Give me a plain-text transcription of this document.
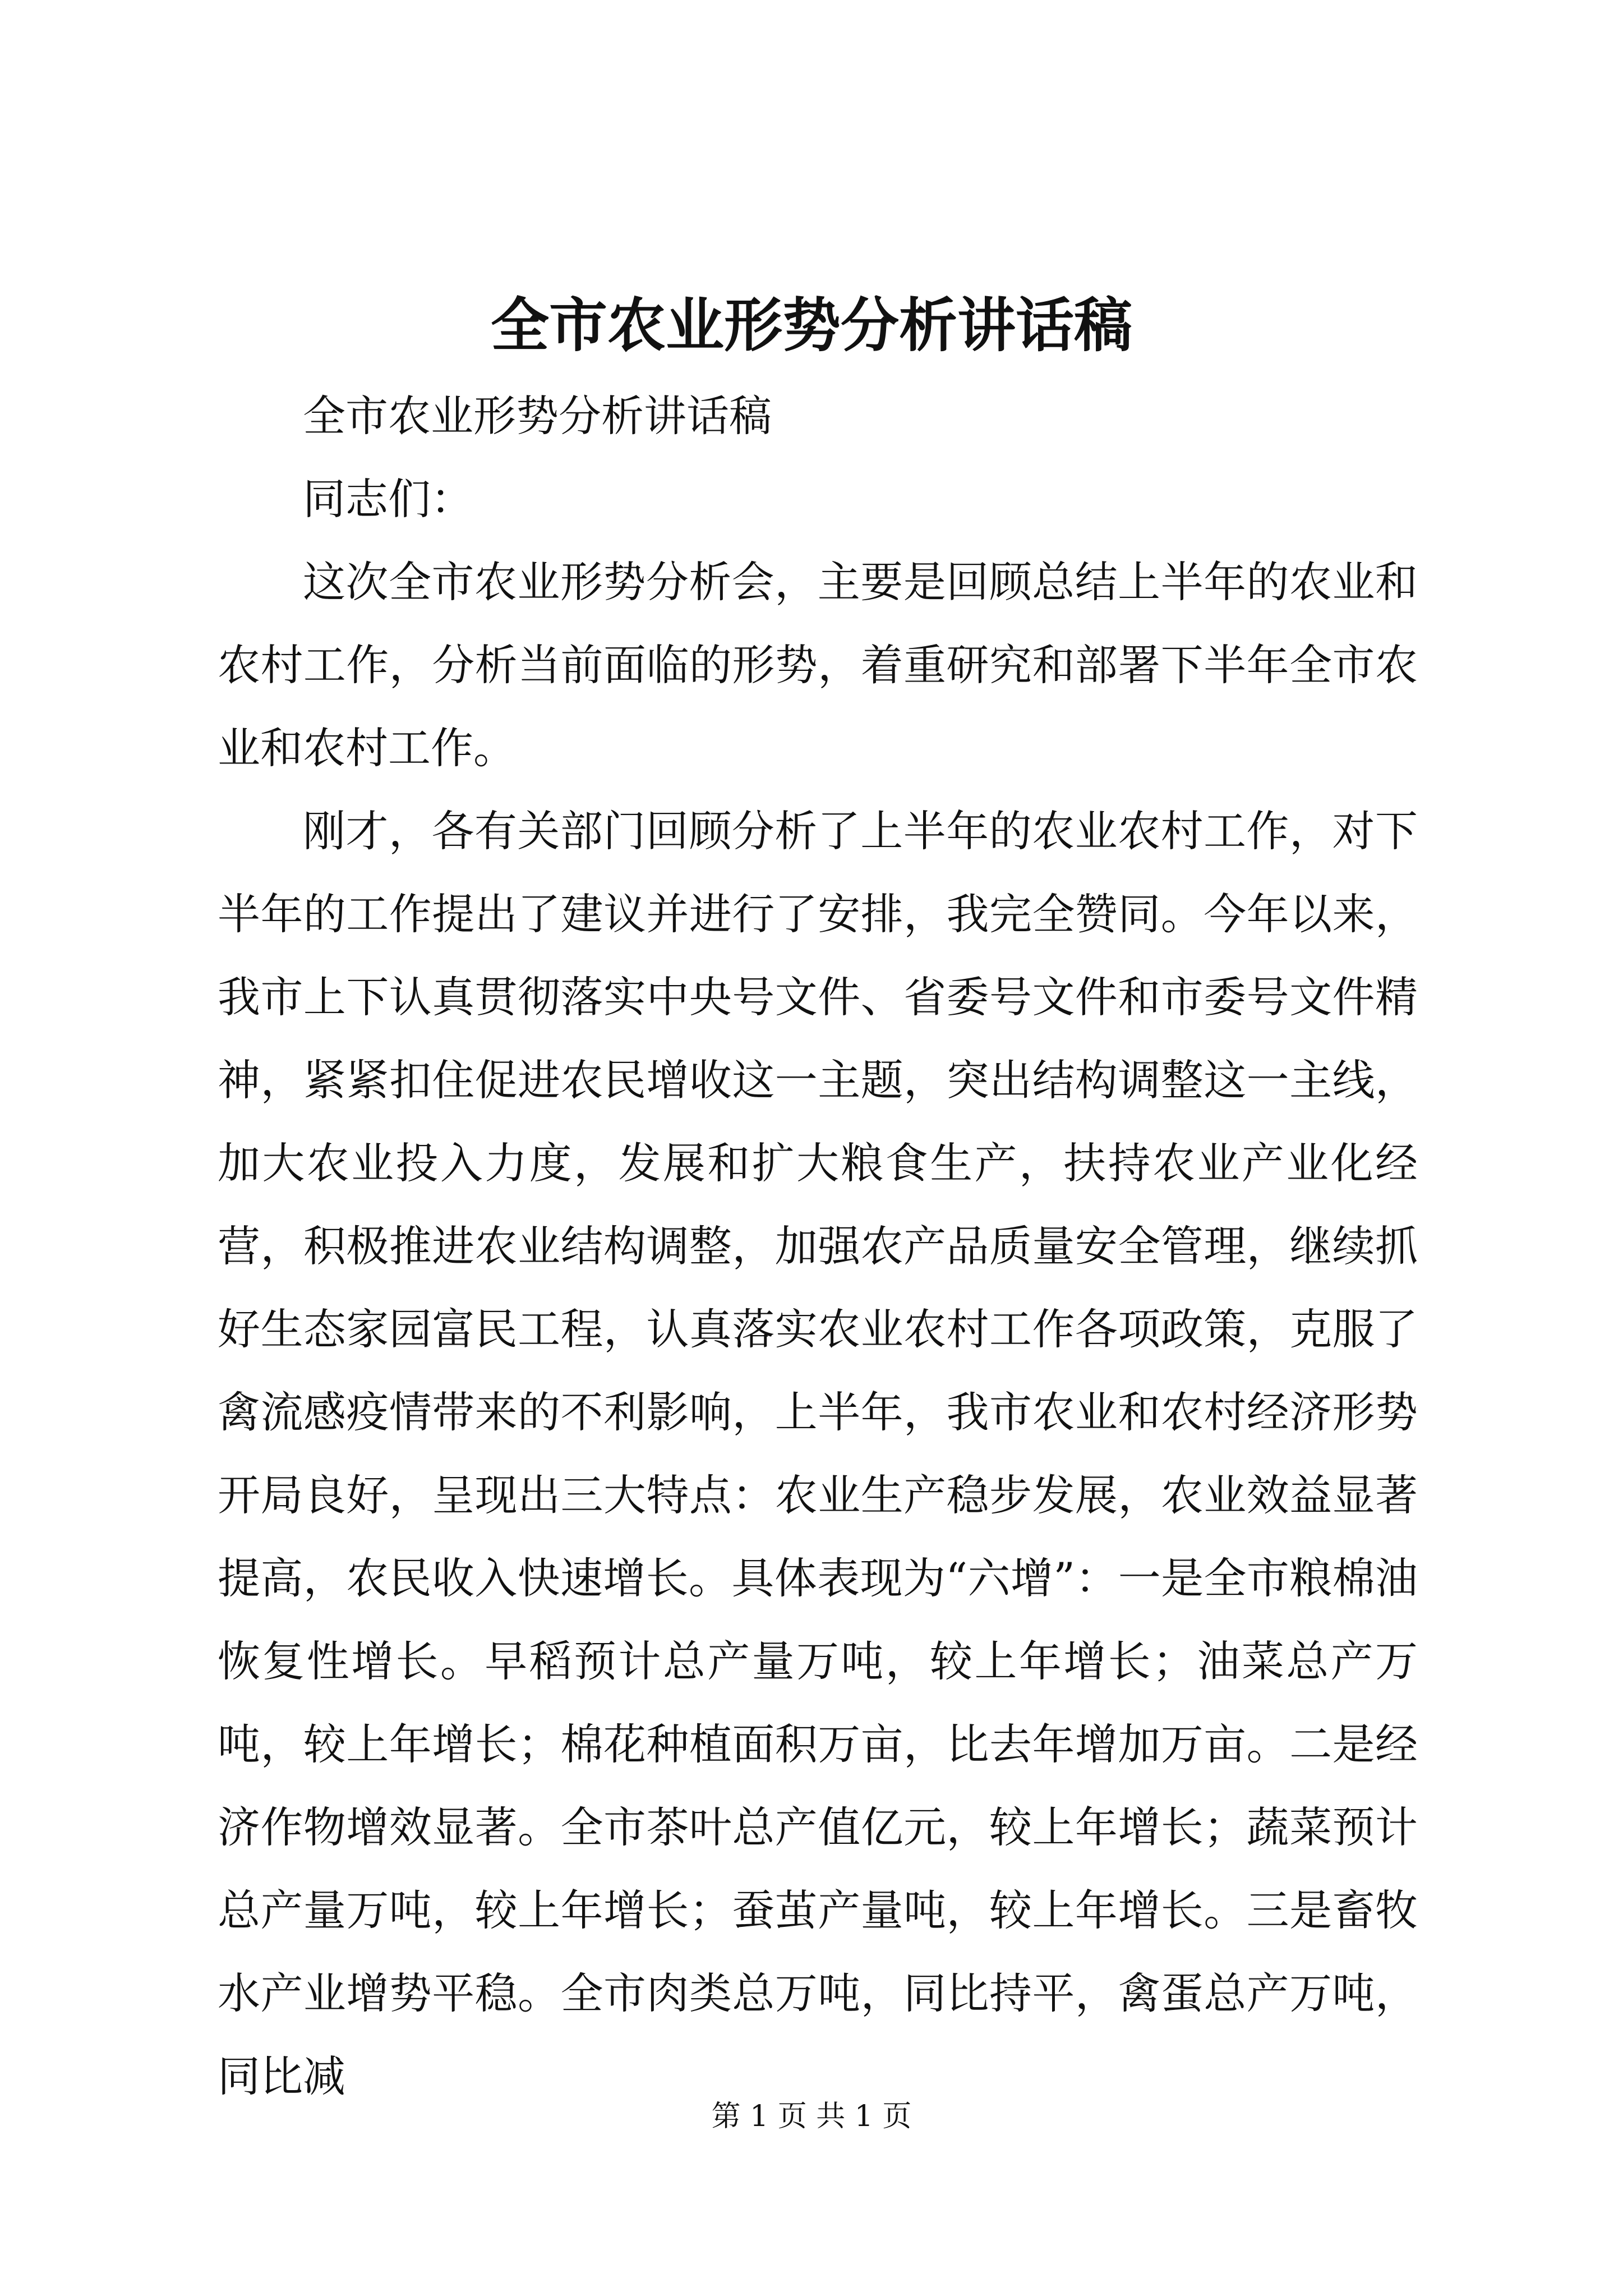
全市农业形势分析讲话稿

全市农业形势分析讲话稿

同志们：

这次全市农业形势分析会，主要是回顾总结上半年的农业和农村工作，分析当前面临的形势，着重研究和部署下半年全市农业和农村工作。

刚才，各有关部门回顾分析了上半年的农业农村工作，对下半年的工作提出了建议并进行了安排，我完全赞同。今年以来，我市上下认真贯彻落实中央号文件、省委号文件和市委号文件精神，紧紧扣住促进农民增收这一主题，突出结构调整这一主线，加大农业投入力度，发展和扩大粮食生产，扶持农业产业化经营，积极推进农业结构调整，加强农产品质量安全管理，继续抓好生态家园富民工程，认真落实农业农村工作各项政策，克服了禽流感疫情带来的不利影响，上半年，我市农业和农村经济形势开局良好，呈现出三大特点：农业生产稳步发展，农业效益显著提高，农民收入快速增长。具体表现为“六增”：一是全市粮棉油恢复性增长。早稻预计总产量万吨，较上年增长；油菜总产万吨，较上年增长；棉花种植面积万亩，比去年增加万亩。二是经济作物增效显著。全市茶叶总产值亿元，较上年增长；蔬菜预计总产量万吨，较上年增长；蚕茧产量吨，较上年增长。三是畜牧水产业增势平稳。全市肉类总万吨，同比持平，禽蛋总产万吨，同比减

第 1 页 共 1 页
